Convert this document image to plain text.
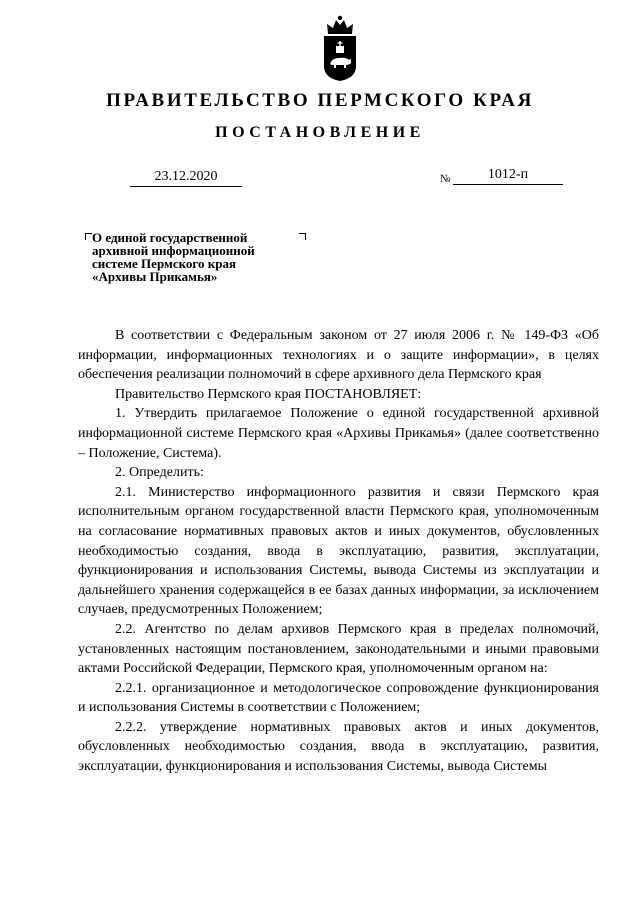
ПРАВИТЕЛЬСТВО ПЕРМСКОГО КРАЯ
ПОСТАНОВЛЕНИЕ
23.12.2020	№	1012-п
О единой государственной архивной информационной системе Пермского края «Архивы Прикамья»

В соответствии с Федеральным законом от 27 июля 2006 г. № 149-ФЗ «Об информации, информационных технологиях и о защите информации», в целях обеспечения реализации полномочий в сфере архивного дела Пермского края

Правительство Пермского края ПОСТАНОВЛЯЕТ:

1. Утвердить прилагаемое Положение о единой государственной архивной информационной системе Пермского края «Архивы Прикамья» (далее соответственно – Положение, Система).

2. Определить:

2.1. Министерство информационного развития и связи Пермского края исполнительным органом государственной власти Пермского края, уполномоченным на согласование нормативных правовых актов и иных документов, обусловленных необходимостью создания, ввода в эксплуатацию, развития, эксплуатации, функционирования и использования Системы, вывода Системы из эксплуатации и дальнейшего хранения содержащейся в ее базах данных информации, за исключением случаев, предусмотренных Положением;

2.2. Агентство по делам архивов Пермского края в пределах полномочий, установленных настоящим постановлением, законодательными и иными правовыми актами Российской Федерации, Пермского края, уполномоченным органом на:

2.2.1. организационное и методологическое сопровождение функционирования и использования Системы в соответствии с Положением;

2.2.2. утверждение нормативных правовых актов и иных документов, обусловленных необходимостью создания, ввода в эксплуатацию, развития, эксплуатации, функционирования и использования Системы, вывода Системы
